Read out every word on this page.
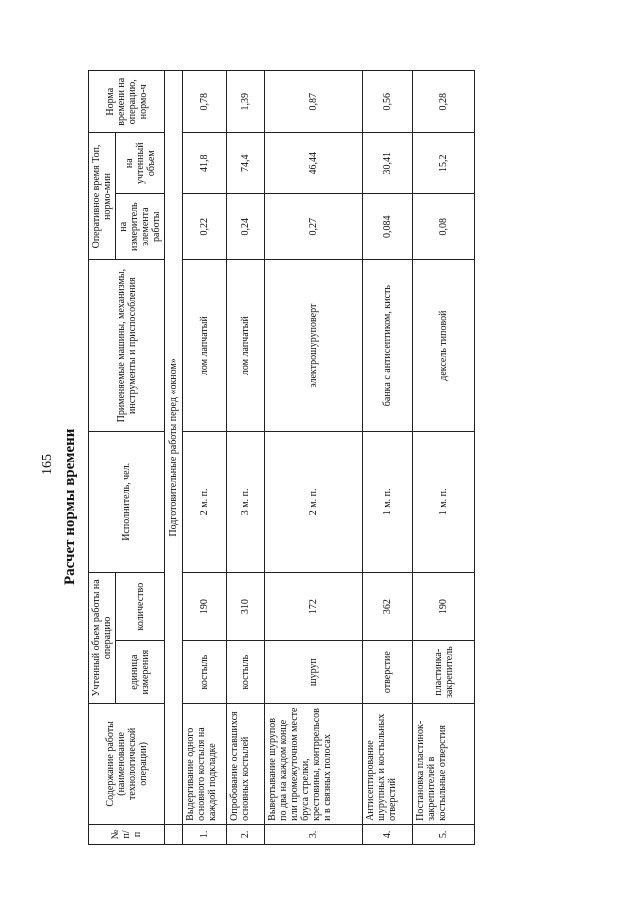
165 Расчет нормы времени
№ п/п	Содержание работы (наименование технологической операции)	Учтенный объем работы на операцию		Исполнитель, чел.	Применяемые машины, механизмы, инструменты и приспособления	Оперативное время Топ, нормо-мин		Норма времени на операцию, нормо-ч
		единица измерения	количество			на измеритель элемента работы	на учтенный объем	
	Подготовительные работы перед «окном»							
1.	Выдергивание одного основного костыля на каждой подкладке	костыль	190	2 м. п.	лом лапчатый	0,22	41,8	0,78
2.	Опробование оставшихся основных костылей	костыль	310	3 м. п.	лом лапчатый	0,24	74,4	1,39
3.	Вывертывание шурупов по два на каждом конце или промежуточном месте бруса стрелки, крестовины, контррельсов и в связных полосах	шуруп	172	2 м. п.	электрошуруповерт	0,27	46,44	0,87
4.	Антисептирование шурупных и костыльных отверстий	отверстие	362	1 м. п.	банка с антисептиком, кисть	0,084	30,41	0,56
5.	Постановка пластинок-закрепителей в костыльные отверстия	пластинка-закрепитель	190	1 м. п.	дексель типовой	0,08	15,2	0,28
